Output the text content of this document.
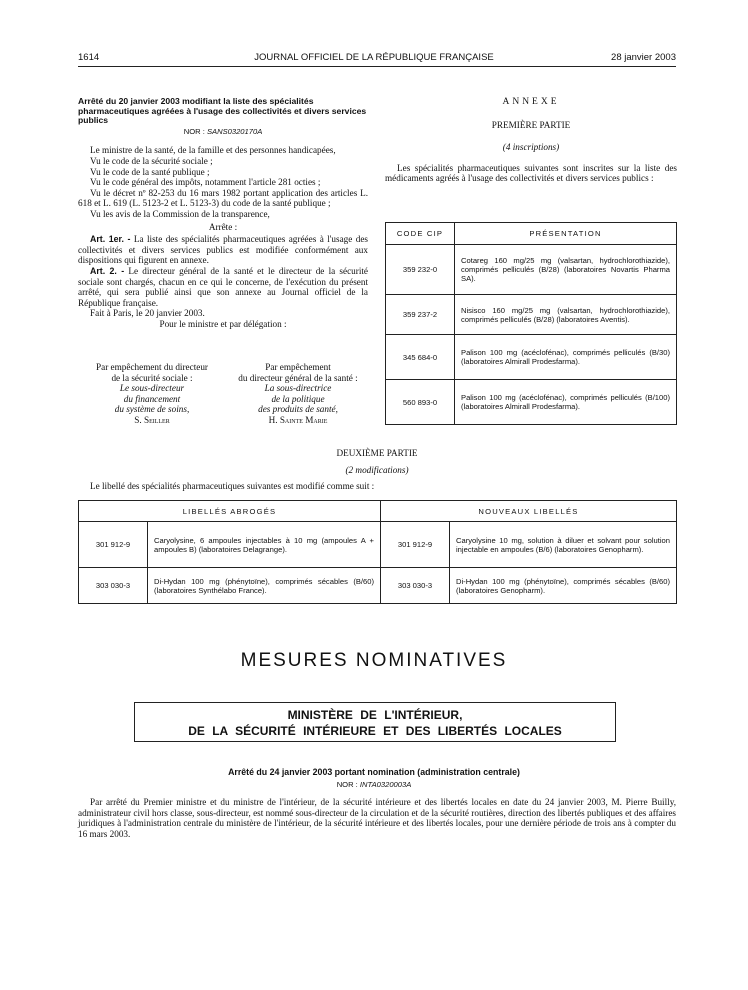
1614	JOURNAL OFFICIEL DE LA RÉPUBLIQUE FRANÇAISE	28 janvier 2003

Arrêté du 20 janvier 2003 modifiant la liste des spécialités pharmaceutiques agréées à l'usage des collectivités et divers services publics

NOR : SANS0320170A

Le ministre de la santé, de la famille et des personnes handicapées,

Vu le code de la sécurité sociale ;

Vu le code de la santé publique ;

Vu le code général des impôts, notamment l'article 281 octies ;

Vu le décret nº 82-253 du 16 mars 1982 portant application des articles L. 618 et L. 619 (L. 5123-2 et L. 5123-3) du code de la santé publique ;

Vu les avis de la Commission de la transparence,

Arrête :

Art. 1er. - La liste des spécialités pharmaceutiques agréées à l'usage des collectivités et divers services publics est modifiée conformément aux dispositions qui figurent en annexe.

Art. 2. - Le directeur général de la santé et le directeur de la sécurité sociale sont chargés, chacun en ce qui le concerne, de l'exécution du présent arrêté, qui sera publié ainsi que son annexe au Journal officiel de la République française.

Fait à Paris, le 20 janvier 2003.

Pour le ministre et par délégation :

Par empêchement du directeur
de la sécurité sociale :
Le sous-directeur
du financement
du système de soins,
S. Seiller
Par empêchement
du directeur général de la santé :
La sous-directrice
de la politique
des produits de santé,
H. Sainte Marie

ANNEXE

PREMIÈRE PARTIE

(4 inscriptions)

Les spécialités pharmaceutiques suivantes sont inscrites sur la liste des médicaments agréés à l'usage des collectivités et divers services publics :

CODE CIP	PRÉSENTATION
359 232-0	Cotareg 160 mg/25 mg (valsartan, hydrochlorothiazide), comprimés pelliculés (B/28) (laboratoires Novartis Pharma SA).
359 237-2	Nisisco 160 mg/25 mg (valsartan, hydrochlorothiazide), comprimés pelliculés (B/28) (laboratoires Aventis).
345 684-0	Palison 100 mg (acéclofénac), comprimés pelliculés (B/30) (laboratoires Almirall Prodesfarma).
560 893-0	Palison 100 mg (acéclofénac), comprimés pelliculés (B/100) (laboratoires Almirall Prodesfarma).

DEUXIÈME PARTIE

(2 modifications)

Le libellé des spécialités pharmaceutiques suivantes est modifié comme suit :

LIBELLÉS ABROGÉS		NOUVEAUX LIBELLÉS	
301 912-9	Caryolysine, 6 ampoules injectables à 10 mg (ampoules A + ampoules B) (laboratoires Delagrange).	301 912-9	Caryolysine 10 mg, solution à diluer et solvant pour solution injectable en ampoules (B/6) (laboratoires Genopharm).
303 030-3	Di-Hydan 100 mg (phénytoïne), comprimés sécables (B/60) (laboratoires Synthélabo France).	303 030-3	Di-Hydan 100 mg (phénytoïne), comprimés sécables (B/60) (laboratoires Genopharm).
MESURES NOMINATIVES
MINISTÈRE DE L'INTÉRIEUR,
DE LA SÉCURITÉ INTÉRIEURE ET DES LIBERTÉS LOCALES
Arrêté du 24 janvier 2003 portant nomination (administration centrale)
NOR : INTA0320003A

Par arrêté du Premier ministre et du ministre de l'intérieur, de la sécurité intérieure et des libertés locales en date du 24 janvier 2003, M. Pierre Builly, administrateur civil hors classe, sous-directeur, est nommé sous-directeur de la circulation et de la sécurité routières, direction des libertés publiques et des affaires juridiques à l'administration centrale du ministère de l'intérieur, de la sécurité intérieure et des libertés locales, pour une dernière période de trois ans à compter du 16 mars 2003.
